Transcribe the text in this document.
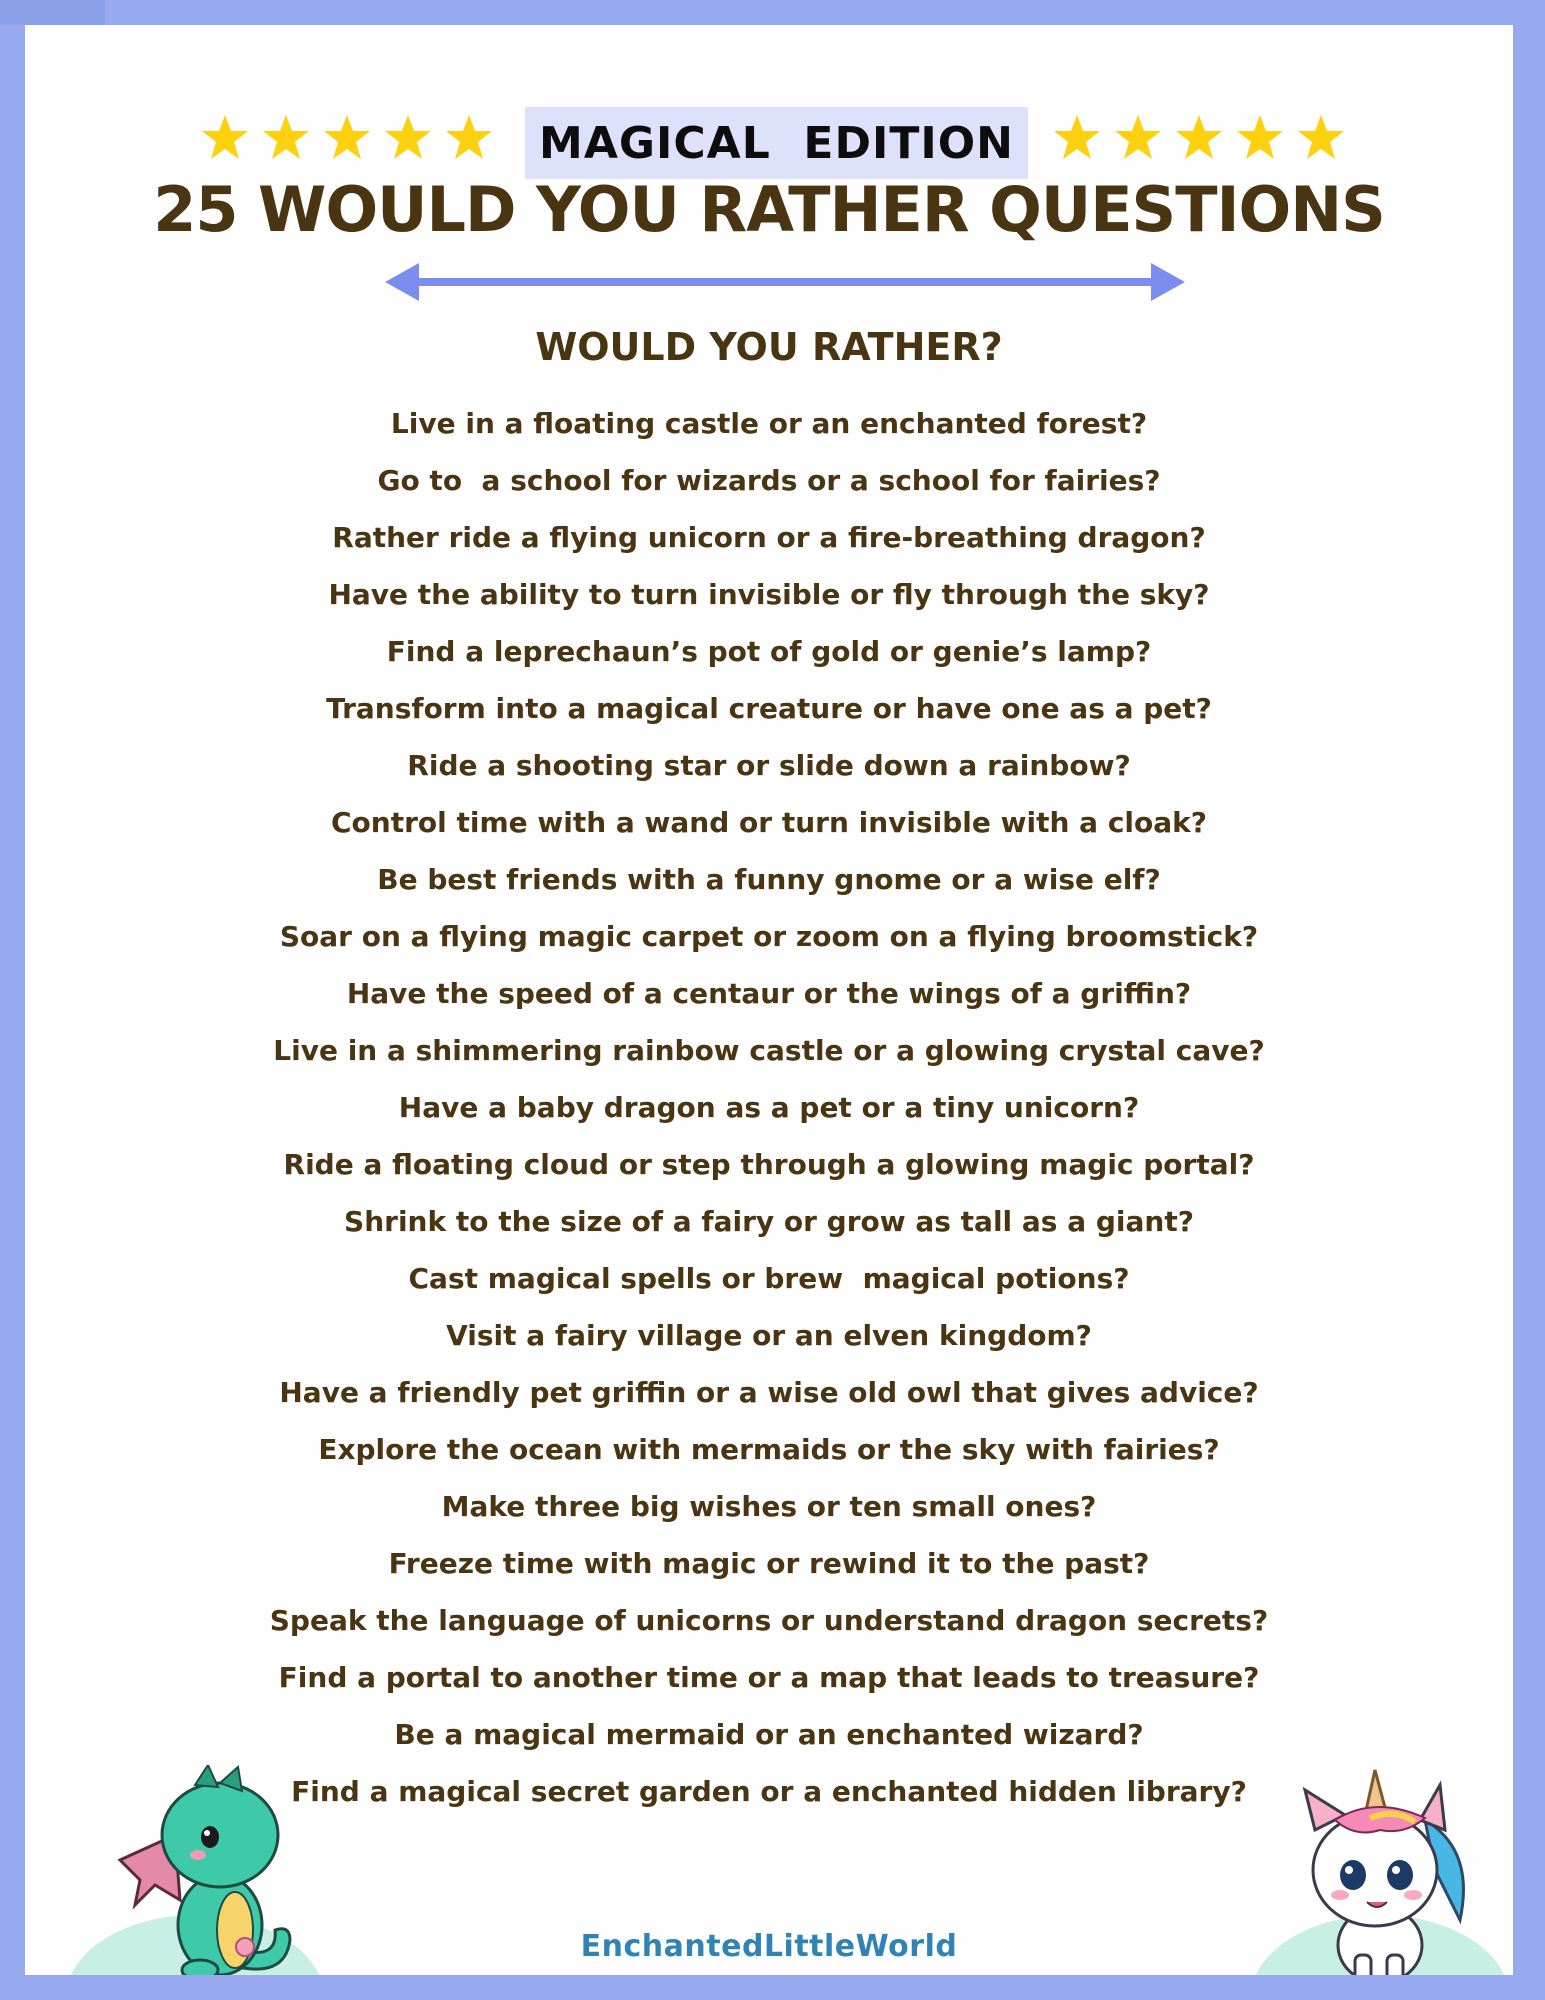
MAGICAL  EDITION
25 WOULD YOU RATHER QUESTIONS
WOULD YOU RATHER?
Live in a floating castle or an enchanted forest?
Go to  a school for wizards or a school for fairies?
Rather ride a flying unicorn or a fire-breathing dragon?
Have the ability to turn invisible or fly through the sky?
Find a leprechaun’s pot of gold or genie’s lamp?
Transform into a magical creature or have one as a pet?
Ride a shooting star or slide down a rainbow?
Control time with a wand or turn invisible with a cloak?
Be best friends with a funny gnome or a wise elf?
Soar on a flying magic carpet or zoom on a flying broomstick?
Have the speed of a centaur or the wings of a griffin?
Live in a shimmering rainbow castle or a glowing crystal cave?
Have a baby dragon as a pet or a tiny unicorn?
Ride a floating cloud or step through a glowing magic portal?
Shrink to the size of a fairy or grow as tall as a giant?
Cast magical spells or brew  magical potions?
Visit a fairy village or an elven kingdom?
Have a friendly pet griffin or a wise old owl that gives advice?
Explore the ocean with mermaids or the sky with fairies?
Make three big wishes or ten small ones?
Freeze time with magic or rewind it to the past?
Speak the language of unicorns or understand dragon secrets?
Find a portal to another time or a map that leads to treasure?
Be a magical mermaid or an enchanted wizard?
Find a magical secret garden or a enchanted hidden library?
EnchantedLittleWorld
